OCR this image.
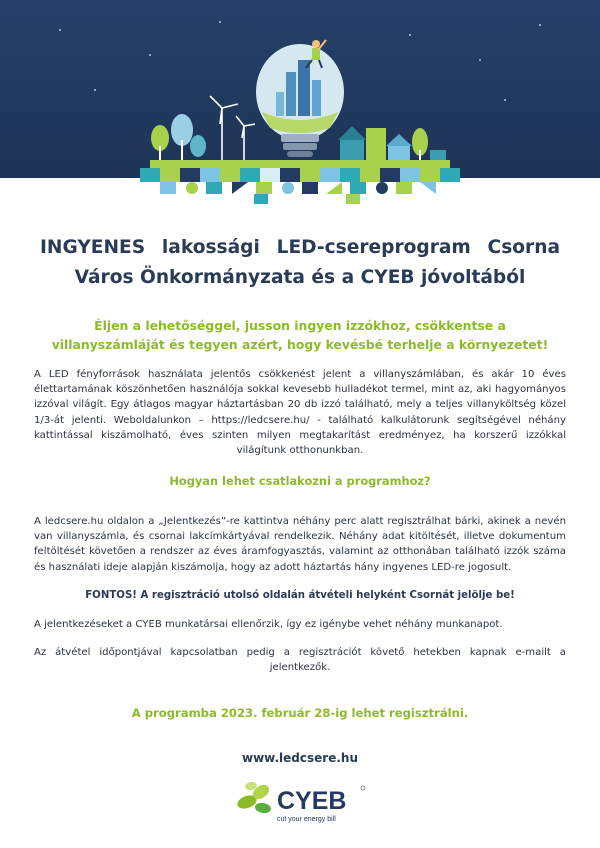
INGYENES lakossági LED-csereprogram Csorna Város Önkormányzata és a CYEB jóvoltából

Éljen a lehetőséggel, jusson ingyen izzókhoz, csökkentse a villanyszámláját és tegyen azért, hogy kevésbé terhelje a környezetet!

A LED fényforrások használata jelentős csökkenést jelent a villanyszámlában, és akár 10 éves élettartamának köszönhetően használója sokkal kevesebb hulladékot termel, mint az, aki hagyományos izzóval világít. Egy átlagos magyar háztartásban 20 db izzó található, mely a teljes villanyköltség közel 1/3-át jelenti. Weboldalunkon – https://ledcsere.hu/ - található kalkulátorunk segítségével néhány kattintással kiszámolható, éves szinten milyen megtakarítást eredményez, ha korszerű izzókkal világítunk otthonunkban.

Hogyan lehet csatlakozni a programhoz?

A ledcsere.hu oldalon a „Jelentkezés”-re kattintva néhány perc alatt regisztrálhat bárki, akinek a nevén van villanyszámla, és csornai lakcímkártyával rendelkezik. Néhány adat kitöltését, illetve dokumentum feltöltését követően a rendszer az éves áramfogyasztás, valamint az otthonában található izzók száma és használati ideje alapján kiszámolja, hogy az adott háztartás hány ingyenes LED-re jogosult.

FONTOS! A regisztráció utolsó oldalán átvételi helyként Csornát jelölje be!

A jelentkezéseket a CYEB munkatársai ellenőrzik, így ez igénybe vehet néhány munkanapot.

Az átvétel időpontjával kapcsolatban pedig a regisztrációt követő hetekben kapnak e-mailt a jelentkezők.

A programba 2023. február 28-ig lehet regisztrálni.

www.ledcsere.hu

CYEB
cut your energy bill
